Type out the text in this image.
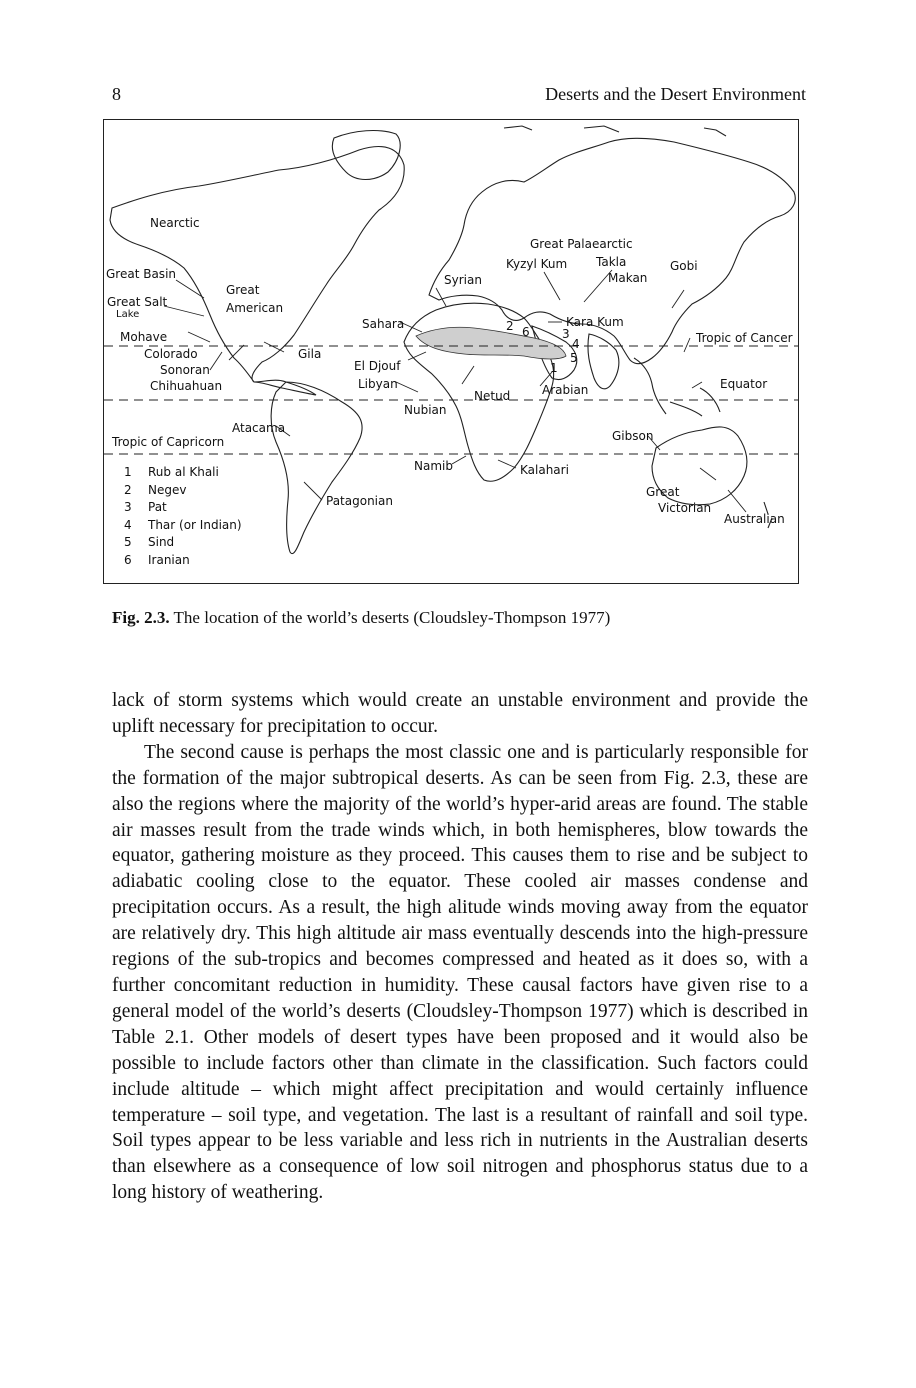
8	Deserts and the Desert Environment
Nearctic
Great Basin
Great
American
Great Salt
Lake
Mohave
Colorado	Gila
Sonoran
Chihuahuan
Atacama
Tropic of Capricorn
Patagonian
Sahara
El Djouf
Libyan
Nubian
Syrian
Netud	Arabian
Namib	Kalahari
Great Palaearctic
Kyzyl Kum Takla
Makan
Gobi
Kara Kum
Tropic of Cancer
Equator
Gibson
Great
Victorian
Australian
1
2
3
4
5
6
1 Rub al Khali
2 Negev
3 Pat
4 Thar (or Indian)
5 Sind
6 Iranian
Fig. 2.3. The location of the world’s deserts (Cloudsley-Thompson 1977)

lack of storm systems which would create an unstable environment and provide the uplift necessary for precipitation to occur.

The second cause is perhaps the most classic one and is particularly responsible for the formation of the major subtropical deserts. As can be seen from Fig. 2.3, these are also the regions where the majority of the world’s hyper-arid areas are found. The stable air masses result from the trade winds which, in both hemispheres, blow towards the equator, gathering moisture as they proceed. This causes them to rise and be subject to adiabatic cooling close to the equator. These cooled air masses condense and precipitation occurs. As a result, the high alitude winds moving away from the equator are relatively dry. This high altitude air mass eventually descends into the high-pressure regions of the sub-tropics and becomes compressed and heated as it does so, with a further concomitant reduction in humidity. These causal factors have given rise to a general model of the world’s deserts (Cloudsley-Thompson 1977) which is described in Table 2.1. Other models of desert types have been proposed and it would also be possible to include factors other than climate in the classification. Such factors could include altitude – which might affect precipitation and would certainly influence temperature – soil type, and vegetation. The last is a resultant of rainfall and soil type. Soil types appear to be less variable and less rich in nutrients in the Australian deserts than elsewhere as a consequence of low soil nitrogen and phosphorus status due to a long history of weathering.
